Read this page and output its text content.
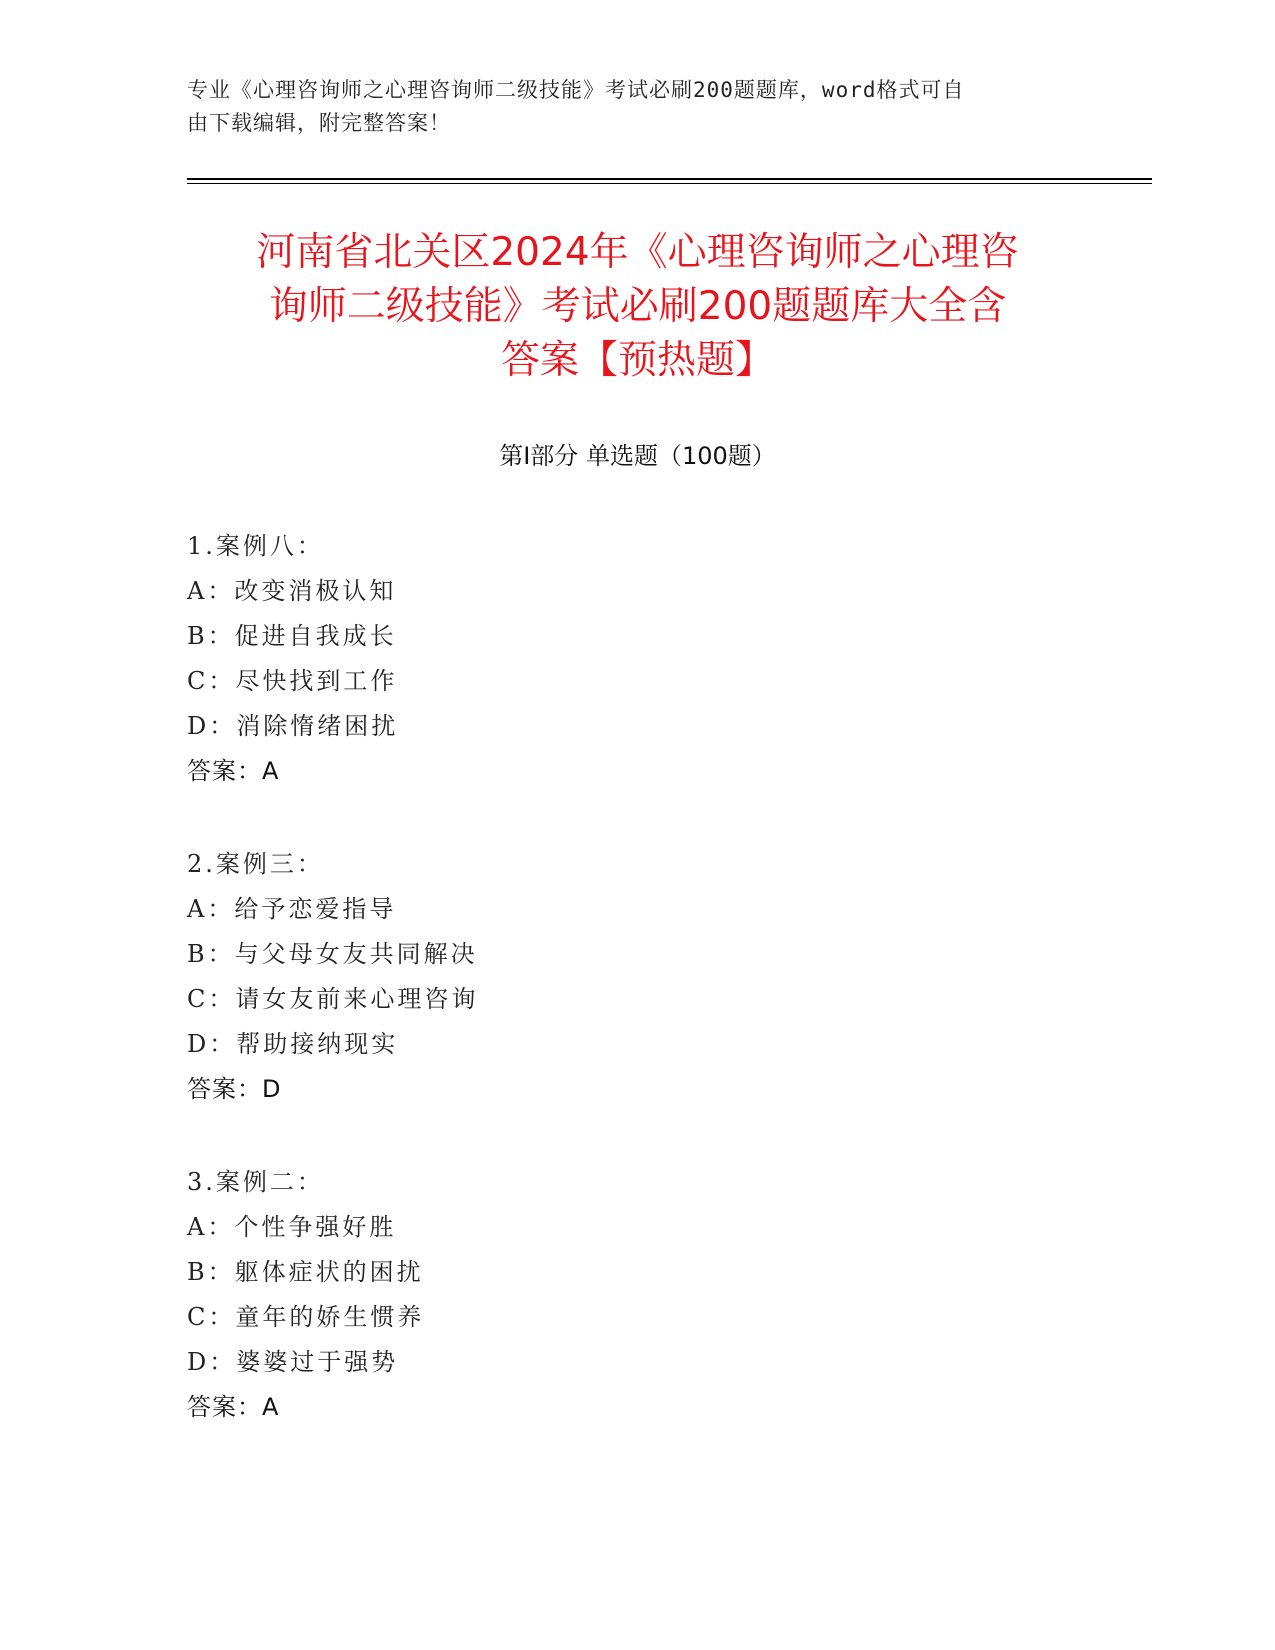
专业《心理咨询师之心理咨询师二级技能》考试必刷200题题库，word格式可自
由下载编辑，附完整答案！
河南省北关区2024年《心理咨询师之心理咨
询师二级技能》考试必刷200题题库大全含
答案【预热题】
第Ⅰ部分 单选题（100题）
1.案例八：
A：改变消极认知
B：促进自我成长
C：尽快找到工作
D：消除惰绪困扰
答案：A
2.案例三：
A：给予恋爱指导
B：与父母女友共同解决
C：请女友前来心理咨询
D：帮助接纳现实
答案：D
3.案例二：
A：个性争强好胜
B：躯体症状的困扰
C：童年的娇生惯养
D：婆婆过于强势
答案：A
